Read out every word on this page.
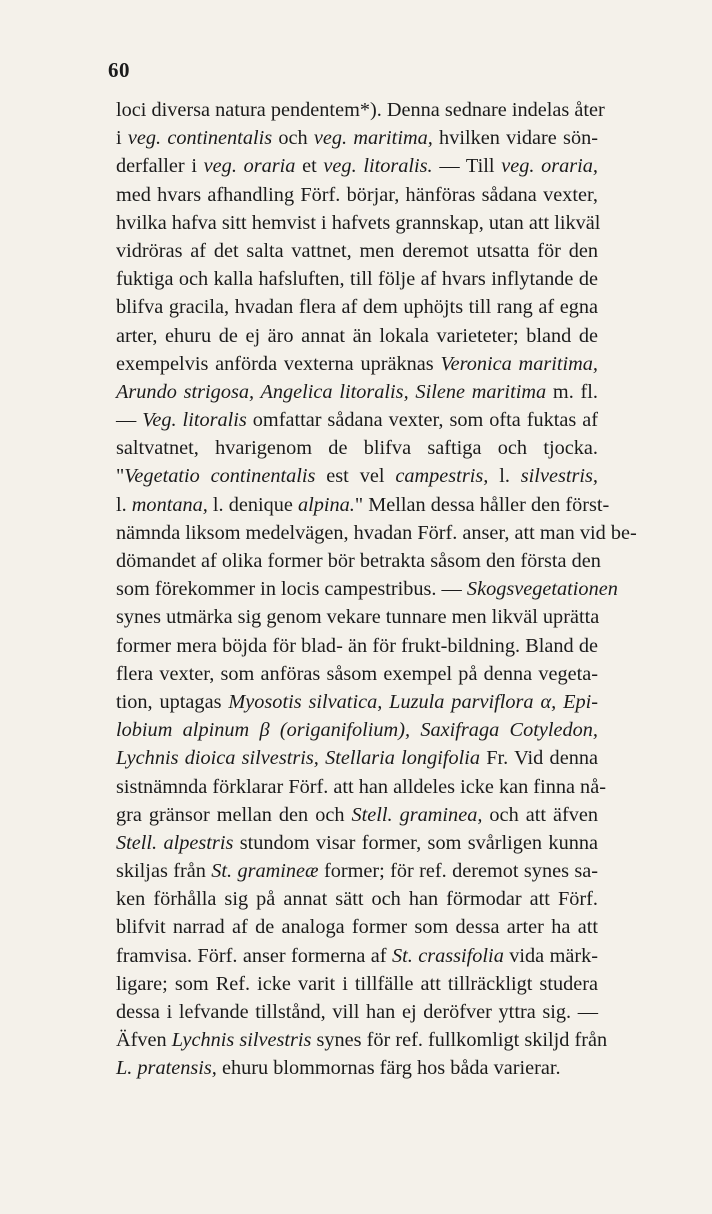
60
loci diversa natura pendentem*). Denna sednare indelas åter
i veg. continentalis och veg. maritima, hvilken vidare sön-
derfaller i veg. oraria et veg. litoralis. — Till veg. oraria,
med hvars afhandling Förf. börjar, hänföras sådana vexter,
hvilka hafva sitt hemvist i hafvets grannskap, utan att likväl
vidröras af det salta vattnet, men deremot utsatta för den
fuktiga och kalla hafsluften, till följe af hvars inflytande de
blifva gracila, hvadan flera af dem uphöjts till rang af egna
arter, ehuru de ej äro annat än lokala varieteter; bland de
exempelvis anförda vexterna upräknas Veronica maritima,
Arundo strigosa, Angelica litoralis, Silene maritima m. fl.
— Veg. litoralis omfattar sådana vexter, som ofta fuktas af
saltvatnet, hvarigenom de blifva saftiga och tjocka.
"Vegetatio continentalis est vel campestris, l. silvestris,
l. montana, l. denique alpina." Mellan dessa håller den först-
nämnda liksom medelvägen, hvadan Förf. anser, att man vid be-
dömandet af olika former bör betrakta såsom den första den
som förekommer in locis campestribus. — Skogsvegetationen
synes utmärka sig genom vekare tunnare men likväl uprätta
former mera böjda för blad- än för frukt-bildning. Bland de
flera vexter, som anföras såsom exempel på denna vegeta-
tion, uptagas Myosotis silvatica, Luzula parviflora α, Epi-
lobium alpinum β (origanifolium), Saxifraga Cotyledon,
Lychnis dioica silvestris, Stellaria longifolia Fr. Vid denna
sistnämnda förklarar Förf. att han alldeles icke kan finna nå-
gra gränsor mellan den och Stell. graminea, och att äfven
Stell. alpestris stundom visar former, som svårligen kunna
skiljas från St. gramineæ former; för ref. deremot synes sa-
ken förhålla sig på annat sätt och han förmodar att Förf.
blifvit narrad af de analoga former som dessa arter ha att
framvisa. Förf. anser formerna af St. crassifolia vida märk-
ligare; som Ref. icke varit i tillfälle att tillräckligt studera
dessa i lefvande tillstånd, vill han ej deröfver yttra sig. —
Äfven Lychnis silvestris synes för ref. fullkomligt skiljd från
L. pratensis, ehuru blommornas färg hos båda varierar.
